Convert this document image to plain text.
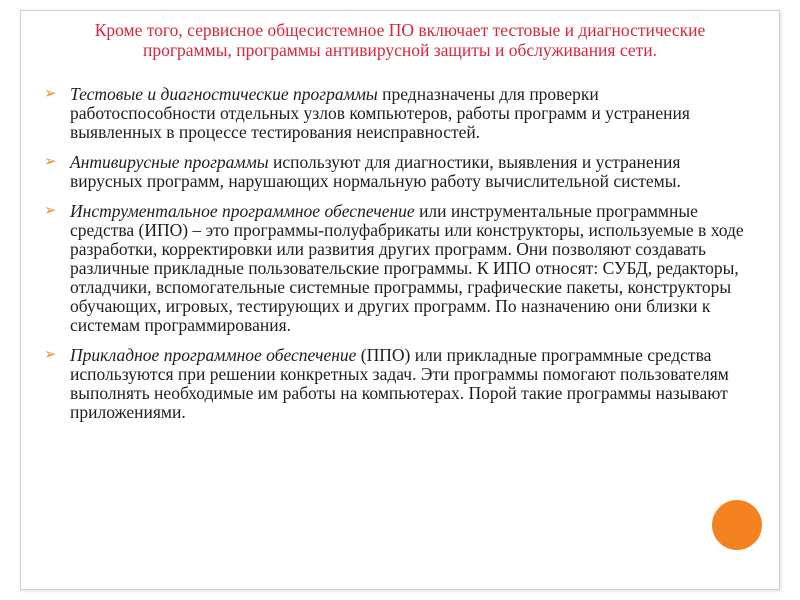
Кроме того, сервисное общесистемное ПО включает тестовые и диагностические программы, программы антивирусной защиты и обслуживания сети.
➢ Тестовые и диагностические программы предназначены для проверки работоспособности отдельных узлов компьютеров, работы программ и устранения выявленных в процессе тестирования неисправностей.
➢ Антивирусные программы используют для диагностики, выявления и устранения вирусных программ, нарушающих нормальную работу вычислительной системы.
➢ Инструментальное программное обеспечение или инструментальные программные средства (ИПО) – это программы-полуфабрикаты или конструкторы, используемые в ходе разработки, корректировки или развития других программ. Они позволяют создавать различные прикладные пользовательские программы. К ИПО относят: СУБД, редакторы, отладчики, вспомогательные системные программы, графические пакеты, конструкторы обучающих, игровых, тестирующих и других программ. По назначению они близки к системам программирования.
➢ Прикладное программное обеспечение (ППО) или прикладные программные средства используются при решении конкретных задач. Эти программы помогают пользователям выполнять необходимые им работы на компьютерах. Порой такие программы называют приложениями.
